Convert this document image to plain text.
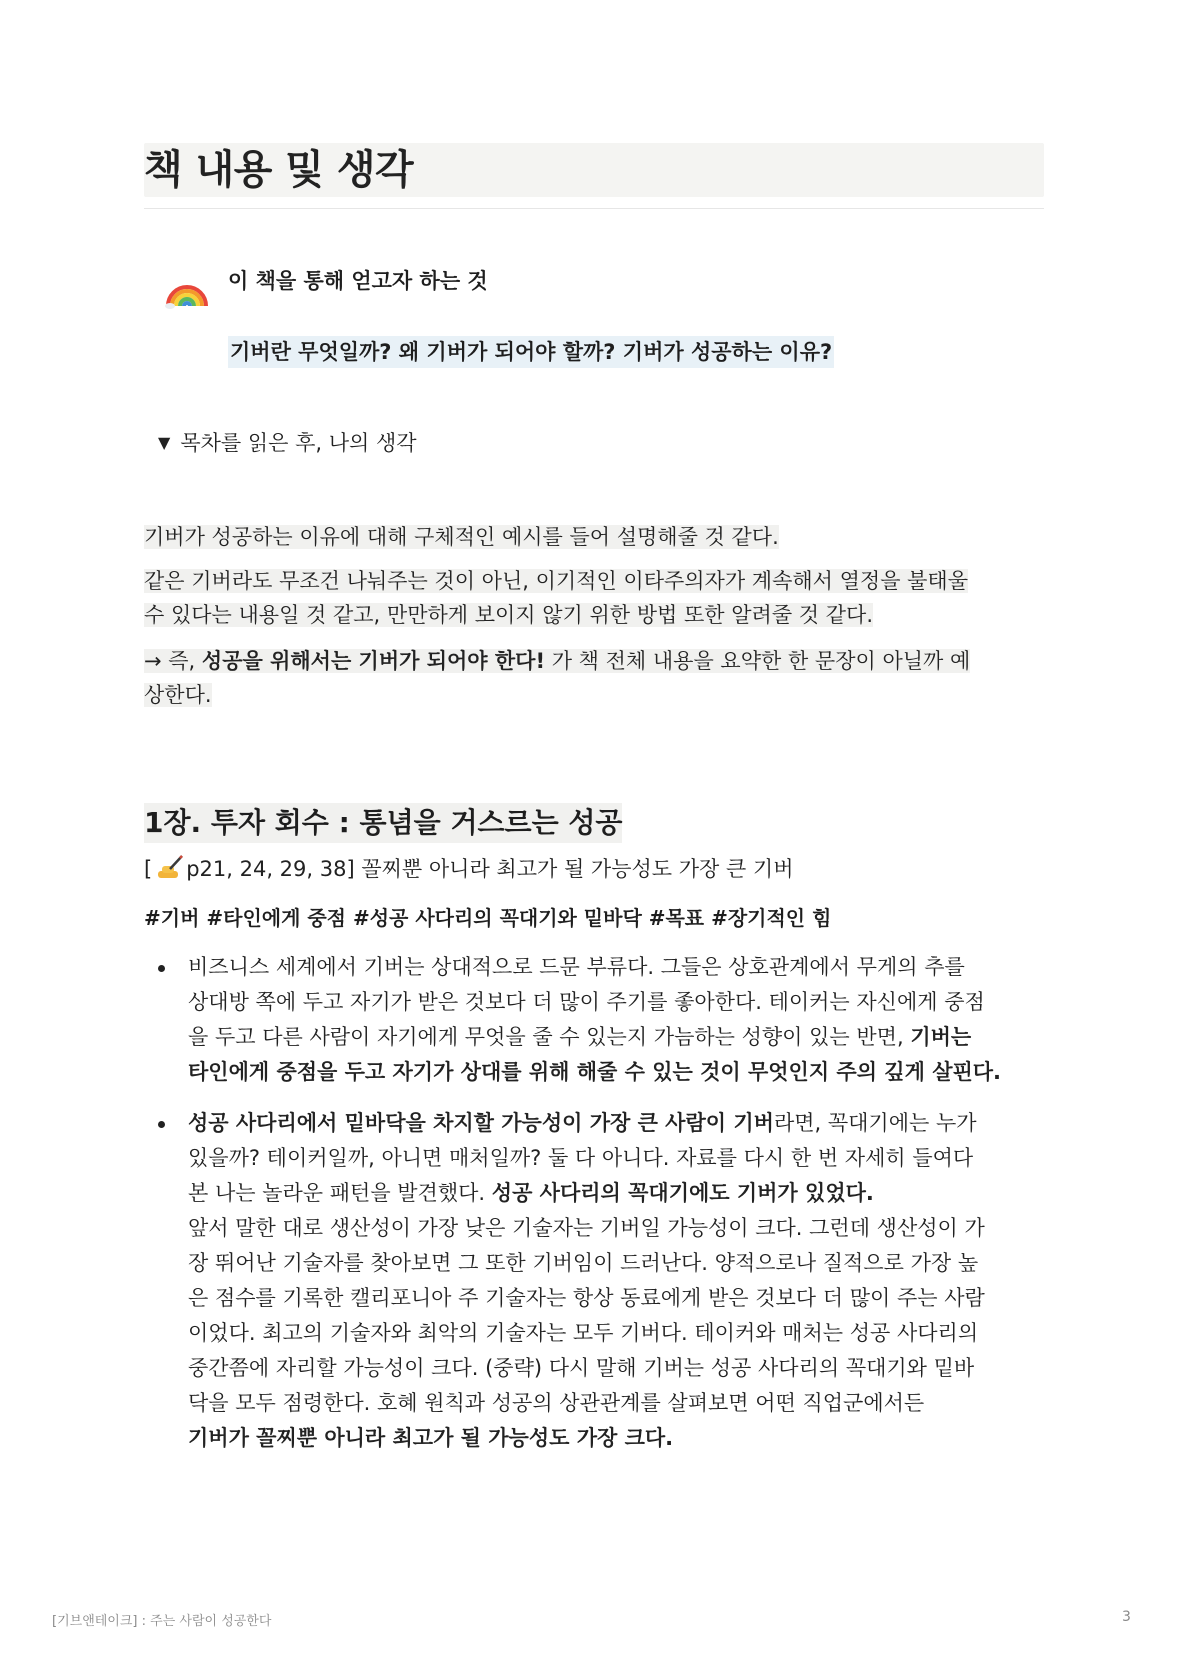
책 내용 및 생각
이 책을 통해 얻고자 하는 것
기버란 무엇일까? 왜 기버가 되어야 할까? 기버가 성공하는 이유?
▼ 목차를 읽은 후, 나의 생각
기버가 성공하는 이유에 대해 구체적인 예시를 들어 설명해줄 것 같다.
같은 기버라도 무조건 나눠주는 것이 아닌, 이기적인 이타주의자가 계속해서 열정을 불태울
수 있다는 내용일 것 같고, 만만하게 보이지 않기 위한 방법 또한 알려줄 것 같다.
→ 즉, 성공을 위해서는 기버가 되어야 한다! 가 책 전체 내용을 요약한 한 문장이 아닐까 예
상한다.
1장. 투자 회수 : 통념을 거스르는 성공
[ p21, 24, 29, 38] 꼴찌뿐 아니라 최고가 될 가능성도 가장 큰 기버
#기버 #타인에게 중점 #성공 사다리의 꼭대기와 밑바닥 #목표 #장기적인 힘
비즈니스 세계에서 기버는 상대적으로 드문 부류다. 그들은 상호관계에서 무게의 추를
상대방 쪽에 두고 자기가 받은 것보다 더 많이 주기를 좋아한다. 테이커는 자신에게 중점
을 두고 다른 사람이 자기에게 무엇을 줄 수 있는지 가늠하는 성향이 있는 반면, 기버는
타인에게 중점을 두고 자기가 상대를 위해 해줄 수 있는 것이 무엇인지 주의 깊게 살핀다.
성공 사다리에서 밑바닥을 차지할 가능성이 가장 큰 사람이 기버라면, 꼭대기에는 누가
있을까? 테이커일까, 아니면 매처일까? 둘 다 아니다. 자료를 다시 한 번 자세히 들여다
본 나는 놀라운 패턴을 발견했다. 성공 사다리의 꼭대기에도 기버가 있었다.
앞서 말한 대로 생산성이 가장 낮은 기술자는 기버일 가능성이 크다. 그런데 생산성이 가
장 뛰어난 기술자를 찾아보면 그 또한 기버임이 드러난다. 양적으로나 질적으로 가장 높
은 점수를 기록한 캘리포니아 주 기술자는 항상 동료에게 받은 것보다 더 많이 주는 사람
이었다. 최고의 기술자와 최악의 기술자는 모두 기버다. 테이커와 매처는 성공 사다리의
중간쯤에 자리할 가능성이 크다. (중략) 다시 말해 기버는 성공 사다리의 꼭대기와 밑바
닥을 모두 점령한다. 호혜 원칙과 성공의 상관관계를 살펴보면 어떤 직업군에서든
기버가 꼴찌뿐 아니라 최고가 될 가능성도 가장 크다.
[기브앤테이크] : 주는 사람이 성공한다	3
